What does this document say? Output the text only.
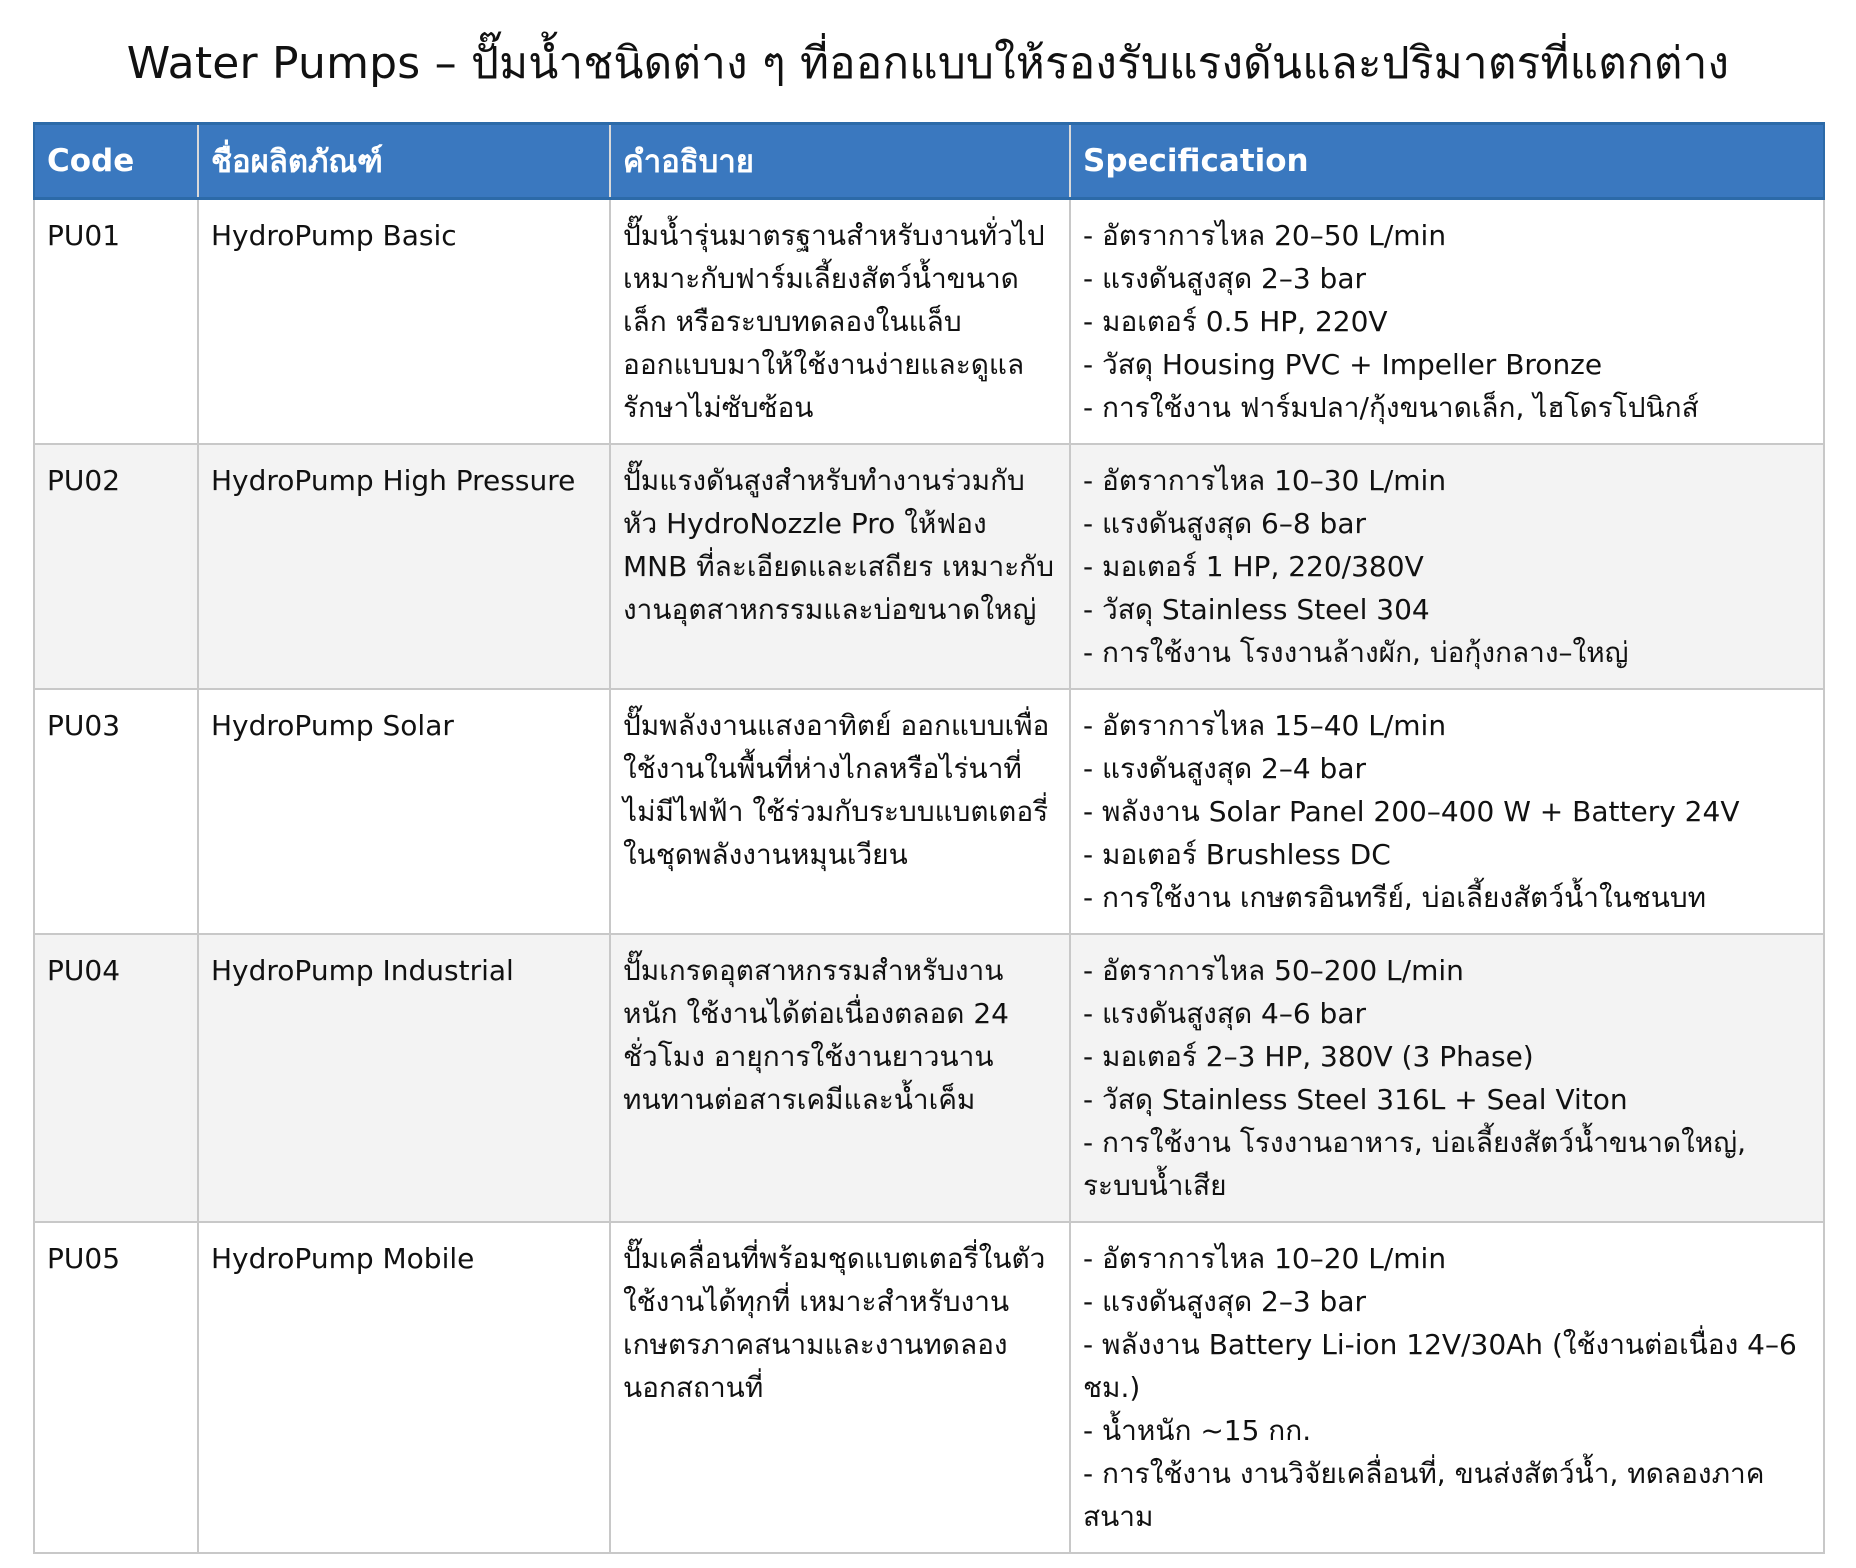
Water Pumps – ปั๊มน้ำชนิดต่าง ๆ ที่ออกแบบให้รองรับแรงดันและปริมาตรที่แตกต่าง
Code	ชื่อผลิตภัณฑ์	คำอธิบาย	Specification
PU01	HydroPump Basic	ปั๊มน้ำรุ่นมาตรฐานสำหรับงานทั่วไป เหมาะกับฟาร์มเลี้ยงสัตว์น้ำขนาดเล็ก หรือระบบทดลองในแล็บ ออกแบบมาให้ใช้งานง่ายและดูแลรักษาไม่ซับซ้อน	- อัตราการไหล 20–50 L/min
- แรงดันสูงสุด 2–3 bar
- มอเตอร์ 0.5 HP, 220V
- วัสดุ Housing PVC + Impeller Bronze
- การใช้งาน ฟาร์มปลา/กุ้งขนาดเล็ก, ไฮโดรโปนิกส์

PU02	HydroPump High Pressure	ปั๊มแรงดันสูงสำหรับทำงานร่วมกับหัว HydroNozzle Pro ให้ฟอง MNB ที่ละเอียดและเสถียร เหมาะกับงานอุตสาหกรรมและบ่อขนาดใหญ่	- อัตราการไหล 10–30 L/min
- แรงดันสูงสุด 6–8 bar
- มอเตอร์ 1 HP, 220/380V
- วัสดุ Stainless Steel 304
- การใช้งาน โรงงานล้างผัก, บ่อกุ้งกลาง–ใหญ่

PU03	HydroPump Solar	ปั๊มพลังงานแสงอาทิตย์ ออกแบบเพื่อใช้งานในพื้นที่ห่างไกลหรือไร่นาที่ไม่มีไฟฟ้า ใช้ร่วมกับระบบแบตเตอรี่ในชุดพลังงานหมุนเวียน	- อัตราการไหล 15–40 L/min
- แรงดันสูงสุด 2–4 bar
- พลังงาน Solar Panel 200–400 W + Battery 24V
- มอเตอร์ Brushless DC
- การใช้งาน เกษตรอินทรีย์, บ่อเลี้ยงสัตว์น้ำในชนบท

PU04	HydroPump Industrial	ปั๊มเกรดอุตสาหกรรมสำหรับงานหนัก ใช้งานได้ต่อเนื่องตลอด 24 ชั่วโมง อายุการใช้งานยาวนาน ทนทานต่อสารเคมีและน้ำเค็ม	- อัตราการไหล 50–200 L/min
- แรงดันสูงสุด 4–6 bar
- มอเตอร์ 2–3 HP, 380V (3 Phase)
- วัสดุ Stainless Steel 316L + Seal Viton
- การใช้งาน โรงงานอาหาร, บ่อเลี้ยงสัตว์น้ำขนาดใหญ่, ระบบน้ำเสีย

PU05	HydroPump Mobile	ปั๊มเคลื่อนที่พร้อมชุดแบตเตอรี่ในตัว ใช้งานได้ทุกที่ เหมาะสำหรับงานเกษตรภาคสนามและงานทดลองนอกสถานที่	- อัตราการไหล 10–20 L/min
- แรงดันสูงสุด 2–3 bar
- พลังงาน Battery Li-ion 12V/30Ah (ใช้งานต่อเนื่อง 4–6 ชม.)
- น้ำหนัก ~15 กก.
- การใช้งาน งานวิจัยเคลื่อนที่, ขนส่งสัตว์น้ำ, ทดลองภาคสนาม
